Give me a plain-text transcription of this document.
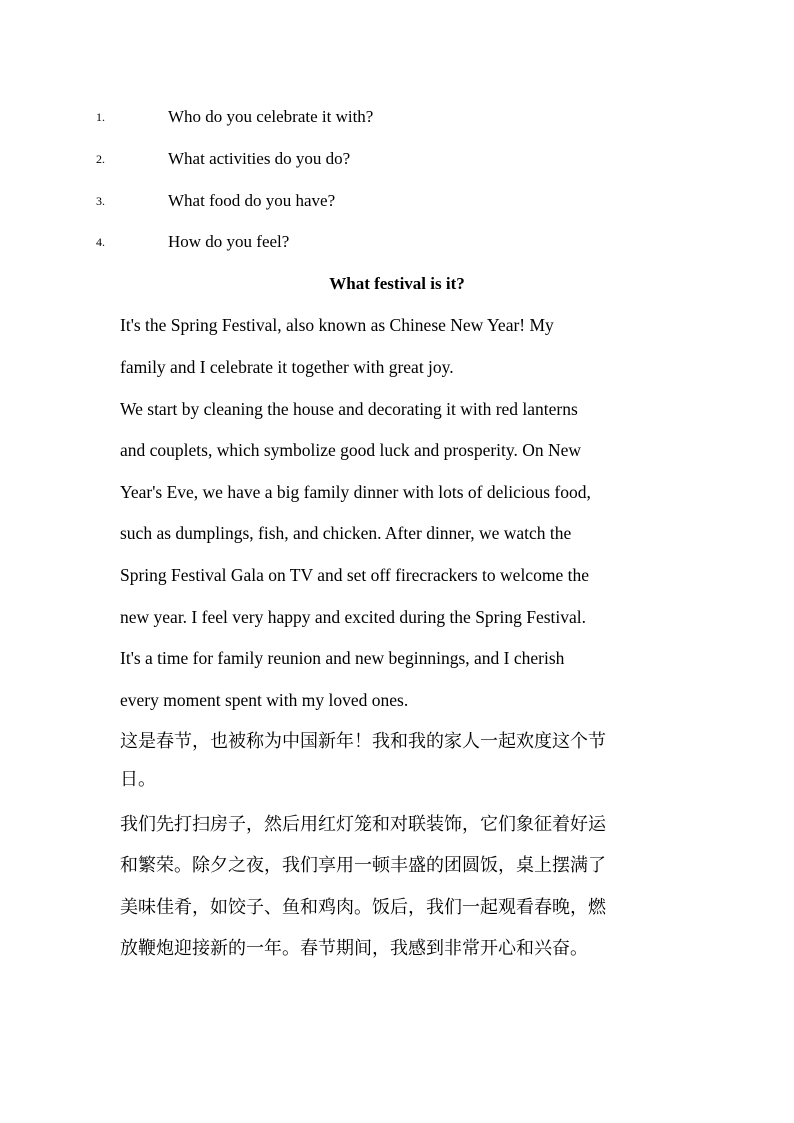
1.	Who do you celebrate it with?
2.	What activities do you do?
3.	What food do you have?
4.	How do you feel?
What festival is it?
It's the Spring Festival, also known as Chinese New Year! My
family and I celebrate it together with great joy.
We start by cleaning the house and decorating it with red lanterns
and couplets, which symbolize good luck and prosperity. On New
Year's Eve, we have a big family dinner with lots of delicious food,
such as dumplings, fish, and chicken. After dinner, we watch the
Spring Festival Gala on TV and set off firecrackers to welcome the
new year. I feel very happy and excited during the Spring Festival.
It's a time for family reunion and new beginnings, and I cherish
every moment spent with my loved ones.
这是春节，也被称为中国新年！我和我的家人一起欢度这个节
日。
我们先打扫房子，然后用红灯笼和对联装饰，它们象征着好运
和繁荣。除夕之夜，我们享用一顿丰盛的团圆饭，桌上摆满了
美味佳肴，如饺子、鱼和鸡肉。饭后，我们一起观看春晚，燃
放鞭炮迎接新的一年。春节期间，我感到非常开心和兴奋。
